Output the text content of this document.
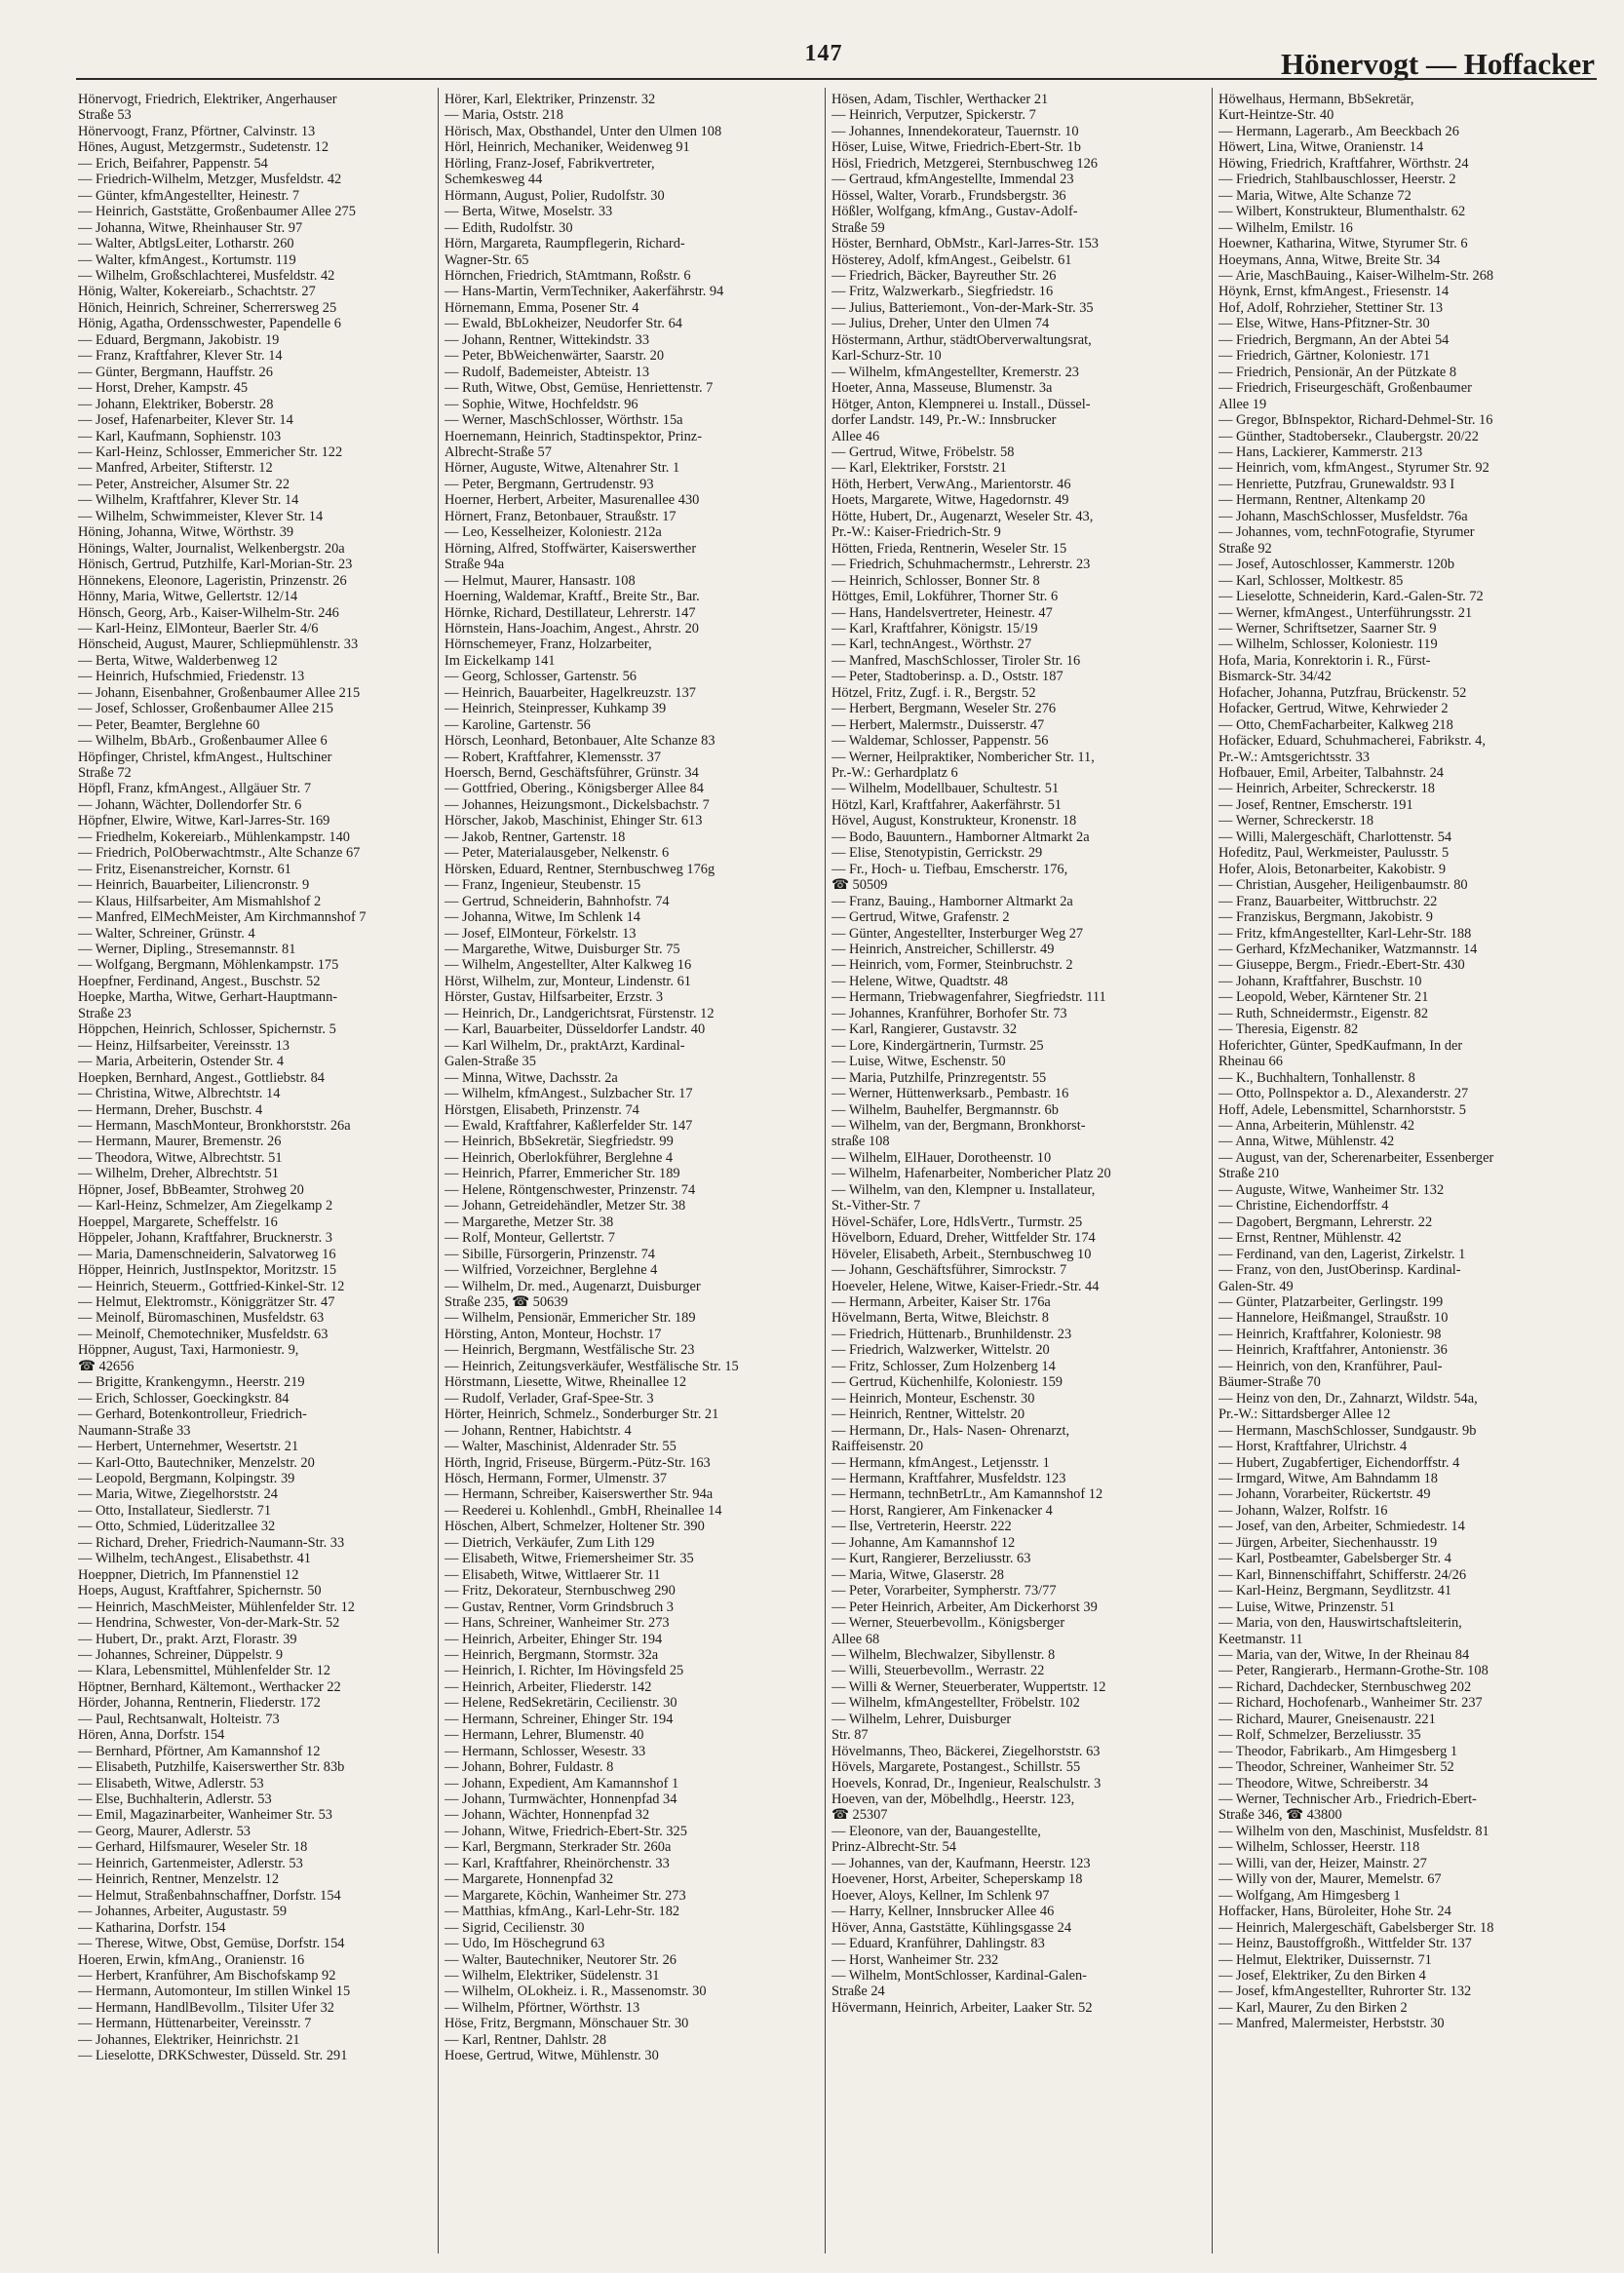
147	Hönervogt — Hoffacker
Hönervogt, Friedrich, Elektriker, Angerhauser
Straße 53
Hönervoogt, Franz, Pförtner, Calvinstr. 13
Hönes, August, Metzgermstr., Sudetenstr. 12
— Erich, Beifahrer, Pappenstr. 54
— Friedrich-Wilhelm, Metzger, Musfeldstr. 42
— Günter, kfmAngestellter, Heinestr. 7
— Heinrich, Gaststätte, Großenbaumer Allee 275
— Johanna, Witwe, Rheinhauser Str. 97
— Walter, AbtlgsLeiter, Lotharstr. 260
— Walter, kfmAngest., Kortumstr. 119
— Wilhelm, Großschlachterei, Musfeldstr. 42
Hönig, Walter, Kokereiarb., Schachtstr. 27
Hönich, Heinrich, Schreiner, Scherrersweg 25
Hönig, Agatha, Ordensschwester, Papendelle 6
— Eduard, Bergmann, Jakobistr. 19
— Franz, Kraftfahrer, Klever Str. 14
— Günter, Bergmann, Hauffstr. 26
— Horst, Dreher, Kampstr. 45
— Johann, Elektriker, Boberstr. 28
— Josef, Hafenarbeiter, Klever Str. 14
— Karl, Kaufmann, Sophienstr. 103
— Karl-Heinz, Schlosser, Emmericher Str. 122
— Manfred, Arbeiter, Stifterstr. 12
— Peter, Anstreicher, Alsumer Str. 22
— Wilhelm, Kraftfahrer, Klever Str. 14
— Wilhelm, Schwimmeister, Klever Str. 14
Höning, Johanna, Witwe, Wörthstr. 39
Hönings, Walter, Journalist, Welkenbergstr. 20a
Hönisch, Gertrud, Putzhilfe, Karl-Morian-Str. 23
Hönnekens, Eleonore, Lageristin, Prinzenstr. 26
Hönny, Maria, Witwe, Gellertstr. 12/14
Hönsch, Georg, Arb., Kaiser-Wilhelm-Str. 246
— Karl-Heinz, ElMonteur, Baerler Str. 4/6
Hönscheid, August, Maurer, Schliepmühlenstr. 33
— Berta, Witwe, Walderbenweg 12
— Heinrich, Hufschmied, Friedenstr. 13
— Johann, Eisenbahner, Großenbaumer Allee 215
— Josef, Schlosser, Großenbaumer Allee 215
— Peter, Beamter, Berglehne 60
— Wilhelm, BbArb., Großenbaumer Allee 6
Höpfinger, Christel, kfmAngest., Hultschiner
Straße 72
Höpfl, Franz, kfmAngest., Allgäuer Str. 7
— Johann, Wächter, Dollendorfer Str. 6
Höpfner, Elwire, Witwe, Karl-Jarres-Str. 169
— Friedhelm, Kokereiarb., Mühlenkampstr. 140
— Friedrich, PolOberwachtmstr., Alte Schanze 67
— Fritz, Eisenanstreicher, Kornstr. 61
— Heinrich, Bauarbeiter, Liliencronstr. 9
— Klaus, Hilfsarbeiter, Am Mismahlshof 2
— Manfred, ElMechMeister, Am Kirchmannshof 7
— Walter, Schreiner, Grünstr. 4
— Werner, Dipling., Stresemannstr. 81
— Wolfgang, Bergmann, Möhlenkampstr. 175
Hoepfner, Ferdinand, Angest., Buschstr. 52
Hoepke, Martha, Witwe, Gerhart-Hauptmann-
Straße 23
Höppchen, Heinrich, Schlosser, Spichernstr. 5
— Heinz, Hilfsarbeiter, Vereinsstr. 13
— Maria, Arbeiterin, Ostender Str. 4
Hoepken, Bernhard, Angest., Gottliebstr. 84
— Christina, Witwe, Albrechtstr. 14
— Hermann, Dreher, Buschstr. 4
— Hermann, MaschMonteur, Bronkhorststr. 26a
— Hermann, Maurer, Bremenstr. 26
— Theodora, Witwe, Albrechtstr. 51
— Wilhelm, Dreher, Albrechtstr. 51
Höpner, Josef, BbBeamter, Strohweg 20
— Karl-Heinz, Schmelzer, Am Ziegelkamp 2
Hoeppel, Margarete, Scheffelstr. 16
Höppeler, Johann, Kraftfahrer, Brucknerstr. 3
— Maria, Damenschneiderin, Salvatorweg 16
Höpper, Heinrich, JustInspektor, Moritzstr. 15
— Heinrich, Steuerm., Gottfried-Kinkel-Str. 12
— Helmut, Elektromstr., Königgrätzer Str. 47
— Meinolf, Büromaschinen, Musfeldstr. 63
— Meinolf, Chemotechniker, Musfeldstr. 63
Höppner, August, Taxi, Harmoniestr. 9,
☎ 42656
— Brigitte, Krankengymn., Heerstr. 219
— Erich, Schlosser, Goeckingkstr. 84
— Gerhard, Botenkontrolleur, Friedrich-
Naumann-Straße 33
— Herbert, Unternehmer, Wesertstr. 21
— Karl-Otto, Bautechniker, Menzelstr. 20
— Leopold, Bergmann, Kolpingstr. 39
— Maria, Witwe, Ziegelhorststr. 24
— Otto, Installateur, Siedlerstr. 71
— Otto, Schmied, Lüderitzallee 32
— Richard, Dreher, Friedrich-Naumann-Str. 33
— Wilhelm, techAngest., Elisabethstr. 41
Hoeppner, Dietrich, Im Pfannenstiel 12
Hoeps, August, Kraftfahrer, Spichernstr. 50
— Heinrich, MaschMeister, Mühlenfelder Str. 12
— Hendrina, Schwester, Von-der-Mark-Str. 52
— Hubert, Dr., prakt. Arzt, Florastr. 39
— Johannes, Schreiner, Düppelstr. 9
— Klara, Lebensmittel, Mühlenfelder Str. 12
Höptner, Bernhard, Kältemont., Werthacker 22
Hörder, Johanna, Rentnerin, Fliederstr. 172
— Paul, Rechtsanwalt, Holteistr. 73
Hören, Anna, Dorfstr. 154
— Bernhard, Pförtner, Am Kamannshof 12
— Elisabeth, Putzhilfe, Kaiserswerther Str. 83b
— Elisabeth, Witwe, Adlerstr. 53
— Else, Buchhalterin, Adlerstr. 53
— Emil, Magazinarbeiter, Wanheimer Str. 53
— Georg, Maurer, Adlerstr. 53
— Gerhard, Hilfsmaurer, Weseler Str. 18
— Heinrich, Gartenmeister, Adlerstr. 53
— Heinrich, Rentner, Menzelstr. 12
— Helmut, Straßenbahnschaffner, Dorfstr. 154
— Johannes, Arbeiter, Augustastr. 59
— Katharina, Dorfstr. 154
— Therese, Witwe, Obst, Gemüse, Dorfstr. 154
Hoeren, Erwin, kfmAng., Oranienstr. 16
— Herbert, Kranführer, Am Bischofskamp 92
— Hermann, Automonteur, Im stillen Winkel 15
— Hermann, HandlBevollm., Tilsiter Ufer 32
— Hermann, Hüttenarbeiter, Vereinsstr. 7
— Johannes, Elektriker, Heinrichstr. 21
— Lieselotte, DRKSchwester, Düsseld. Str. 291
Hörer, Karl, Elektriker, Prinzenstr. 32
— Maria, Oststr. 218
Hörisch, Max, Obsthandel, Unter den Ulmen 108
Hörl, Heinrich, Mechaniker, Weidenweg 91
Hörling, Franz-Josef, Fabrikvertreter,
Schemkesweg 44
Hörmann, August, Polier, Rudolfstr. 30
— Berta, Witwe, Moselstr. 33
— Edith, Rudolfstr. 30
Hörn, Margareta, Raumpflegerin, Richard-
Wagner-Str. 65
Hörnchen, Friedrich, StAmtmann, Roßstr. 6
— Hans-Martin, VermTechniker, Aakerfährstr. 94
Hörnemann, Emma, Posener Str. 4
— Ewald, BbLokheizer, Neudorfer Str. 64
— Johann, Rentner, Wittekindstr. 33
— Peter, BbWeichenwärter, Saarstr. 20
— Rudolf, Bademeister, Abteistr. 13
— Ruth, Witwe, Obst, Gemüse, Henriettenstr. 7
— Sophie, Witwe, Hochfeldstr. 96
— Werner, MaschSchlosser, Wörthstr. 15a
Hoernemann, Heinrich, Stadtinspektor, Prinz-
Albrecht-Straße 57
Hörner, Auguste, Witwe, Altenahrer Str. 1
— Peter, Bergmann, Gertrudenstr. 93
Hoerner, Herbert, Arbeiter, Masurenallee 430
Hörnert, Franz, Betonbauer, Straußstr. 17
— Leo, Kesselheizer, Koloniestr. 212a
Hörning, Alfred, Stoffwärter, Kaiserswerther
Straße 94a
— Helmut, Maurer, Hansastr. 108
Hoerning, Waldemar, Kraftf., Breite Str., Bar.
Hörnke, Richard, Destillateur, Lehrerstr. 147
Hörnstein, Hans-Joachim, Angest., Ahrstr. 20
Hörnschemeyer, Franz, Holzarbeiter,
Im Eickelkamp 141
— Georg, Schlosser, Gartenstr. 56
— Heinrich, Bauarbeiter, Hagelkreuzstr. 137
— Heinrich, Steinpresser, Kuhkamp 39
— Karoline, Gartenstr. 56
Hörsch, Leonhard, Betonbauer, Alte Schanze 83
— Robert, Kraftfahrer, Klemensstr. 37
Hoersch, Bernd, Geschäftsführer, Grünstr. 34
— Gottfried, Obering., Königsberger Allee 84
— Johannes, Heizungsmont., Dickelsbachstr. 7
Hörscher, Jakob, Maschinist, Ehinger Str. 613
— Jakob, Rentner, Gartenstr. 18
— Peter, Materialausgeber, Nelkenstr. 6
Hörsken, Eduard, Rentner, Sternbuschweg 176g
— Franz, Ingenieur, Steubenstr. 15
— Gertrud, Schneiderin, Bahnhofstr. 74
— Johanna, Witwe, Im Schlenk 14
— Josef, ElMonteur, Förkelstr. 13
— Margarethe, Witwe, Duisburger Str. 75
— Wilhelm, Angestellter, Alter Kalkweg 16
Hörst, Wilhelm, zur, Monteur, Lindenstr. 61
Hörster, Gustav, Hilfsarbeiter, Erzstr. 3
— Heinrich, Dr., Landgerichtsrat, Fürstenstr. 12
— Karl, Bauarbeiter, Düsseldorfer Landstr. 40
— Karl Wilhelm, Dr., praktArzt, Kardinal-
Galen-Straße 35
— Minna, Witwe, Dachsstr. 2a
— Wilhelm, kfmAngest., Sulzbacher Str. 17
Hörstgen, Elisabeth, Prinzenstr. 74
— Ewald, Kraftfahrer, Kaßlerfelder Str. 147
— Heinrich, BbSekretär, Siegfriedstr. 99
— Heinrich, Oberlokführer, Berglehne 4
— Heinrich, Pfarrer, Emmericher Str. 189
— Helene, Röntgenschwester, Prinzenstr. 74
— Johann, Getreidehändler, Metzer Str. 38
— Margarethe, Metzer Str. 38
— Rolf, Monteur, Gellertstr. 7
— Sibille, Fürsorgerin, Prinzenstr. 74
— Wilfried, Vorzeichner, Berglehne 4
— Wilhelm, Dr. med., Augenarzt, Duisburger
Straße 235, ☎ 50639
— Wilhelm, Pensionär, Emmericher Str. 189
Hörsting, Anton, Monteur, Hochstr. 17
— Heinrich, Bergmann, Westfälische Str. 23
— Heinrich, Zeitungsverkäufer, Westfälische Str. 15
Hörstmann, Liesette, Witwe, Rheinallee 12
— Rudolf, Verlader, Graf-Spee-Str. 3
Hörter, Heinrich, Schmelz., Sonderburger Str. 21
— Johann, Rentner, Habichtstr. 4
— Walter, Maschinist, Aldenrader Str. 55
Hörth, Ingrid, Friseuse, Bürgerm.-Pütz-Str. 163
Hösch, Hermann, Former, Ulmenstr. 37
— Hermann, Schreiber, Kaiserswerther Str. 94a
— Reederei u. Kohlenhdl., GmbH, Rheinallee 14
Höschen, Albert, Schmelzer, Holtener Str. 390
— Dietrich, Verkäufer, Zum Lith 129
— Elisabeth, Witwe, Friemersheimer Str. 35
— Elisabeth, Witwe, Wittlaerer Str. 11
— Fritz, Dekorateur, Sternbuschweg 290
— Gustav, Rentner, Vorm Grindsbruch 3
— Hans, Schreiner, Wanheimer Str. 273
— Heinrich, Arbeiter, Ehinger Str. 194
— Heinrich, Bergmann, Stormstr. 32a
— Heinrich, I. Richter, Im Hövingsfeld 25
— Heinrich, Arbeiter, Fliederstr. 142
— Helene, RedSekretärin, Cecilienstr. 30
— Hermann, Schreiner, Ehinger Str. 194
— Hermann, Lehrer, Blumenstr. 40
— Hermann, Schlosser, Wesestr. 33
— Johann, Bohrer, Fuldastr. 8
— Johann, Expedient, Am Kamannshof 1
— Johann, Turmwächter, Honnenpfad 34
— Johann, Wächter, Honnenpfad 32
— Johann, Witwe, Friedrich-Ebert-Str. 325
— Karl, Bergmann, Sterkrader Str. 260a
— Karl, Kraftfahrer, Rheinörchenstr. 33
— Margarete, Honnenpfad 32
— Margarete, Köchin, Wanheimer Str. 273
— Matthias, kfmAng., Karl-Lehr-Str. 182
— Sigrid, Cecilienstr. 30
— Udo, Im Höschegrund 63
— Walter, Bautechniker, Neutorer Str. 26
— Wilhelm, Elektriker, Südelenstr. 31
— Wilhelm, OLokheiz. i. R., Massenomstr. 30
— Wilhelm, Pförtner, Wörthstr. 13
Höse, Fritz, Bergmann, Mönschauer Str. 30
— Karl, Rentner, Dahlstr. 28
Hoese, Gertrud, Witwe, Mühlenstr. 30
Hösen, Adam, Tischler, Werthacker 21
— Heinrich, Verputzer, Spickerstr. 7
— Johannes, Innendekorateur, Tauernstr. 10
Höser, Luise, Witwe, Friedrich-Ebert-Str. 1b
Hösl, Friedrich, Metzgerei, Sternbuschweg 126
— Gertraud, kfmAngestellte, Immendal 23
Hössel, Walter, Vorarb., Frundsbergstr. 36
Hößler, Wolfgang, kfmAng., Gustav-Adolf-
Straße 59
Höster, Bernhard, ObMstr., Karl-Jarres-Str. 153
Hösterey, Adolf, kfmAngest., Geibelstr. 61
— Friedrich, Bäcker, Bayreuther Str. 26
— Fritz, Walzwerkarb., Siegfriedstr. 16
— Julius, Batteriemont., Von-der-Mark-Str. 35
— Julius, Dreher, Unter den Ulmen 74
Höstermann, Arthur, städtOberverwaltungsrat,
Karl-Schurz-Str. 10
— Wilhelm, kfmAngestellter, Kremerstr. 23
Hoeter, Anna, Masseuse, Blumenstr. 3a
Hötger, Anton, Klempnerei u. Install., Düssel-
dorfer Landstr. 149, Pr.-W.: Innsbrucker
Allee 46
— Gertrud, Witwe, Fröbelstr. 58
— Karl, Elektriker, Forststr. 21
Höth, Herbert, VerwAng., Marientorstr. 46
Hoets, Margarete, Witwe, Hagedornstr. 49
Hötte, Hubert, Dr., Augenarzt, Weseler Str. 43,
Pr.-W.: Kaiser-Friedrich-Str. 9
Hötten, Frieda, Rentnerin, Weseler Str. 15
— Friedrich, Schuhmachermstr., Lehrerstr. 23
— Heinrich, Schlosser, Bonner Str. 8
Höttges, Emil, Lokführer, Thorner Str. 6
— Hans, Handelsvertreter, Heinestr. 47
— Karl, Kraftfahrer, Königstr. 15/19
— Karl, technAngest., Wörthstr. 27
— Manfred, MaschSchlosser, Tiroler Str. 16
— Peter, Stadtoberinsp. a. D., Oststr. 187
Hötzel, Fritz, Zugf. i. R., Bergstr. 52
— Herbert, Bergmann, Weseler Str. 276
— Herbert, Malermstr., Duisserstr. 47
— Waldemar, Schlosser, Pappenstr. 56
— Werner, Heilpraktiker, Nombericher Str. 11,
Pr.-W.: Gerhardplatz 6
— Wilhelm, Modellbauer, Schultestr. 51
Hötzl, Karl, Kraftfahrer, Aakerfährstr. 51
Hövel, August, Konstrukteur, Kronenstr. 18
— Bodo, Bauuntern., Hamborner Altmarkt 2a
— Elise, Stenotypistin, Gerrickstr. 29
— Fr., Hoch- u. Tiefbau, Emscherstr. 176,
☎ 50509
— Franz, Bauing., Hamborner Altmarkt 2a
— Gertrud, Witwe, Grafenstr. 2
— Günter, Angestellter, Insterburger Weg 27
— Heinrich, Anstreicher, Schillerstr. 49
— Heinrich, vom, Former, Steinbruchstr. 2
— Helene, Witwe, Quadtstr. 48
— Hermann, Triebwagenfahrer, Siegfriedstr. 111
— Johannes, Kranführer, Borhofer Str. 73
— Karl, Rangierer, Gustavstr. 32
— Lore, Kindergärtnerin, Turmstr. 25
— Luise, Witwe, Eschenstr. 50
— Maria, Putzhilfe, Prinzregentstr. 55
— Werner, Hüttenwerksarb., Pembastr. 16
— Wilhelm, Bauhelfer, Bergmannstr. 6b
— Wilhelm, van der, Bergmann, Bronkhorst-
straße 108
— Wilhelm, ElHauer, Dorotheenstr. 10
— Wilhelm, Hafenarbeiter, Nombericher Platz 20
— Wilhelm, van den, Klempner u. Installateur,
St.-Vither-Str. 7
Hövel-Schäfer, Lore, HdlsVertr., Turmstr. 25
Hövelborn, Eduard, Dreher, Wittfelder Str. 174
Höveler, Elisabeth, Arbeit., Sternbuschweg 10
— Johann, Geschäftsführer, Simrockstr. 7
Hoeveler, Helene, Witwe, Kaiser-Friedr.-Str. 44
— Hermann, Arbeiter, Kaiser Str. 176a
Hövelmann, Berta, Witwe, Bleichstr. 8
— Friedrich, Hüttenarb., Brunhildenstr. 23
— Friedrich, Walzwerker, Wittelstr. 20
— Fritz, Schlosser, Zum Holzenberg 14
— Gertrud, Küchenhilfe, Koloniestr. 159
— Heinrich, Monteur, Eschenstr. 30
— Heinrich, Rentner, Wittelstr. 20
— Hermann, Dr., Hals- Nasen- Ohrenarzt,
Raiffeisenstr. 20
— Hermann, kfmAngest., Letjensstr. 1
— Hermann, Kraftfahrer, Musfeldstr. 123
— Hermann, technBetrLtr., Am Kamannshof 12
— Horst, Rangierer, Am Finkenacker 4
— Ilse, Vertreterin, Heerstr. 222
— Johanne, Am Kamannshof 12
— Kurt, Rangierer, Berzeliusstr. 63
— Maria, Witwe, Glaserstr. 28
— Peter, Vorarbeiter, Sympherstr. 73/77
— Peter Heinrich, Arbeiter, Am Dickerhorst 39
— Werner, Steuerbevollm., Königsberger
Allee 68
— Wilhelm, Blechwalzer, Sibyllenstr. 8
— Willi, Steuerbevollm., Werrastr. 22
— Willi & Werner, Steuerberater, Wuppertstr. 12
— Wilhelm, kfmAngestellter, Fröbelstr. 102
— Wilhelm, Lehrer, Duisburger
Str. 87
Hövelmanns, Theo, Bäckerei, Ziegelhorststr. 63
Hövels, Margarete, Postangest., Schillstr. 55
Hoevels, Konrad, Dr., Ingenieur, Realschulstr. 3
Hoeven, van der, Möbelhdlg., Heerstr. 123,
☎ 25307
— Eleonore, van der, Bauangestellte,
Prinz-Albrecht-Str. 54
— Johannes, van der, Kaufmann, Heerstr. 123
Hoevener, Horst, Arbeiter, Scheperskamp 18
Hoever, Aloys, Kellner, Im Schlenk 97
— Harry, Kellner, Innsbrucker Allee 46
Höver, Anna, Gaststätte, Kühlingsgasse 24
— Eduard, Kranführer, Dahlingstr. 83
— Horst, Wanheimer Str. 232
— Wilhelm, MontSchlosser, Kardinal-Galen-
Straße 24
Hövermann, Heinrich, Arbeiter, Laaker Str. 52
Höwelhaus, Hermann, BbSekretär,
Kurt-Heintze-Str. 40
— Hermann, Lagerarb., Am Beeckbach 26
Höwert, Lina, Witwe, Oranienstr. 14
Höwing, Friedrich, Kraftfahrer, Wörthstr. 24
— Friedrich, Stahlbauschlosser, Heerstr. 2
— Maria, Witwe, Alte Schanze 72
— Wilbert, Konstrukteur, Blumenthalstr. 62
— Wilhelm, Emilstr. 16
Hoewner, Katharina, Witwe, Styrumer Str. 6
Hoeymans, Anna, Witwe, Breite Str. 34
— Arie, MaschBauing., Kaiser-Wilhelm-Str. 268
Höynk, Ernst, kfmAngest., Friesenstr. 14
Hof, Adolf, Rohrzieher, Stettiner Str. 13
— Else, Witwe, Hans-Pfitzner-Str. 30
— Friedrich, Bergmann, An der Abtei 54
— Friedrich, Gärtner, Koloniestr. 171
— Friedrich, Pensionär, An der Pützkate 8
— Friedrich, Friseurgeschäft, Großenbaumer
Allee 19
— Gregor, BbInspektor, Richard-Dehmel-Str. 16
— Günther, Stadtobersekr., Claubergstr. 20/22
— Hans, Lackierer, Kammerstr. 213
— Heinrich, vom, kfmAngest., Styrumer Str. 92
— Henriette, Putzfrau, Grunewaldstr. 93 I
— Hermann, Rentner, Altenkamp 20
— Johann, MaschSchlosser, Musfeldstr. 76a
— Johannes, vom, technFotografie, Styrumer
Straße 92
— Josef, Autoschlosser, Kammerstr. 120b
— Karl, Schlosser, Moltkestr. 85
— Lieselotte, Schneiderin, Kard.-Galen-Str. 72
— Werner, kfmAngest., Unterführungsstr. 21
— Werner, Schriftsetzer, Saarner Str. 9
— Wilhelm, Schlosser, Koloniestr. 119
Hofa, Maria, Konrektorin i. R., Fürst-
Bismarck-Str. 34/42
Hofacher, Johanna, Putzfrau, Brückenstr. 52
Hofacker, Gertrud, Witwe, Kehrwieder 2
— Otto, ChemFacharbeiter, Kalkweg 218
Hofäcker, Eduard, Schuhmacherei, Fabrikstr. 4,
Pr.-W.: Amtsgerichtsstr. 33
Hofbauer, Emil, Arbeiter, Talbahnstr. 24
— Heinrich, Arbeiter, Schreckerstr. 18
— Josef, Rentner, Emscherstr. 191
— Werner, Schreckerstr. 18
— Willi, Malergeschäft, Charlottenstr. 54
Hofeditz, Paul, Werkmeister, Paulusstr. 5
Hofer, Alois, Betonarbeiter, Kakobistr. 9
— Christian, Ausgeher, Heiligenbaumstr. 80
— Franz, Bauarbeiter, Wittbruchstr. 22
— Franziskus, Bergmann, Jakobistr. 9
— Fritz, kfmAngestellter, Karl-Lehr-Str. 188
— Gerhard, KfzMechaniker, Watzmannstr. 14
— Giuseppe, Bergm., Friedr.-Ebert-Str. 430
— Johann, Kraftfahrer, Buschstr. 10
— Leopold, Weber, Kärntener Str. 21
— Ruth, Schneidermstr., Eigenstr. 82
— Theresia, Eigenstr. 82
Hoferichter, Günter, SpedKaufmann, In der
Rheinau 66
— K., Buchhaltern, Tonhallenstr. 8
— Otto, Pollnspektor a. D., Alexanderstr. 27
Hoff, Adele, Lebensmittel, Scharnhorststr. 5
— Anna, Arbeiterin, Mühlenstr. 42
— Anna, Witwe, Mühlenstr. 42
— August, van der, Scherenarbeiter, Essenberger
Straße 210
— Auguste, Witwe, Wanheimer Str. 132
— Christine, Eichendorffstr. 4
— Dagobert, Bergmann, Lehrerstr. 22
— Ernst, Rentner, Mühlenstr. 42
— Ferdinand, van den, Lagerist, Zirkelstr. 1
— Franz, von den, JustOberinsp. Kardinal-
Galen-Str. 49
— Günter, Platzarbeiter, Gerlingstr. 199
— Hannelore, Heißmangel, Straußstr. 10
— Heinrich, Kraftfahrer, Koloniestr. 98
— Heinrich, Kraftfahrer, Antonienstr. 36
— Heinrich, von den, Kranführer, Paul-
Bäumer-Straße 70
— Heinz von den, Dr., Zahnarzt, Wildstr. 54a,
Pr.-W.: Sittardsberger Allee 12
— Hermann, MaschSchlosser, Sundgaustr. 9b
— Horst, Kraftfahrer, Ulrichstr. 4
— Hubert, Zugabfertiger, Eichendorffstr. 4
— Irmgard, Witwe, Am Bahndamm 18
— Johann, Vorarbeiter, Rückertstr. 49
— Johann, Walzer, Rolfstr. 16
— Josef, van den, Arbeiter, Schmiedestr. 14
— Jürgen, Arbeiter, Siechenhausstr. 19
— Karl, Postbeamter, Gabelsberger Str. 4
— Karl, Binnenschiffahrt, Schifferstr. 24/26
— Karl-Heinz, Bergmann, Seydlitzstr. 41
— Luise, Witwe, Prinzenstr. 51
— Maria, von den, Hauswirtschaftsleiterin,
Keetmanstr. 11
— Maria, van der, Witwe, In der Rheinau 84
— Peter, Rangierarb., Hermann-Grothe-Str. 108
— Richard, Dachdecker, Sternbuschweg 202
— Richard, Hochofenarb., Wanheimer Str. 237
— Richard, Maurer, Gneisenaustr. 221
— Rolf, Schmelzer, Berzeliusstr. 35
— Theodor, Fabrikarb., Am Himgesberg 1
— Theodor, Schreiner, Wanheimer Str. 52
— Theodore, Witwe, Schreiberstr. 34
— Werner, Technischer Arb., Friedrich-Ebert-
Straße 346, ☎ 43800
— Wilhelm von den, Maschinist, Musfeldstr. 81
— Wilhelm, Schlosser, Heerstr. 118
— Willi, van der, Heizer, Mainstr. 27
— Willy von der, Maurer, Memelstr. 67
— Wolfgang, Am Himgesberg 1
Hoffacker, Hans, Büroleiter, Hohe Str. 24
— Heinrich, Malergeschäft, Gabelsberger Str. 18
— Heinz, Baustoffgroßh., Wittfelder Str. 137
— Helmut, Elektriker, Duissernstr. 71
— Josef, Elektriker, Zu den Birken 4
— Josef, kfmAngestellter, Ruhrorter Str. 132
— Karl, Maurer, Zu den Birken 2
— Manfred, Malermeister, Herbststr. 30
